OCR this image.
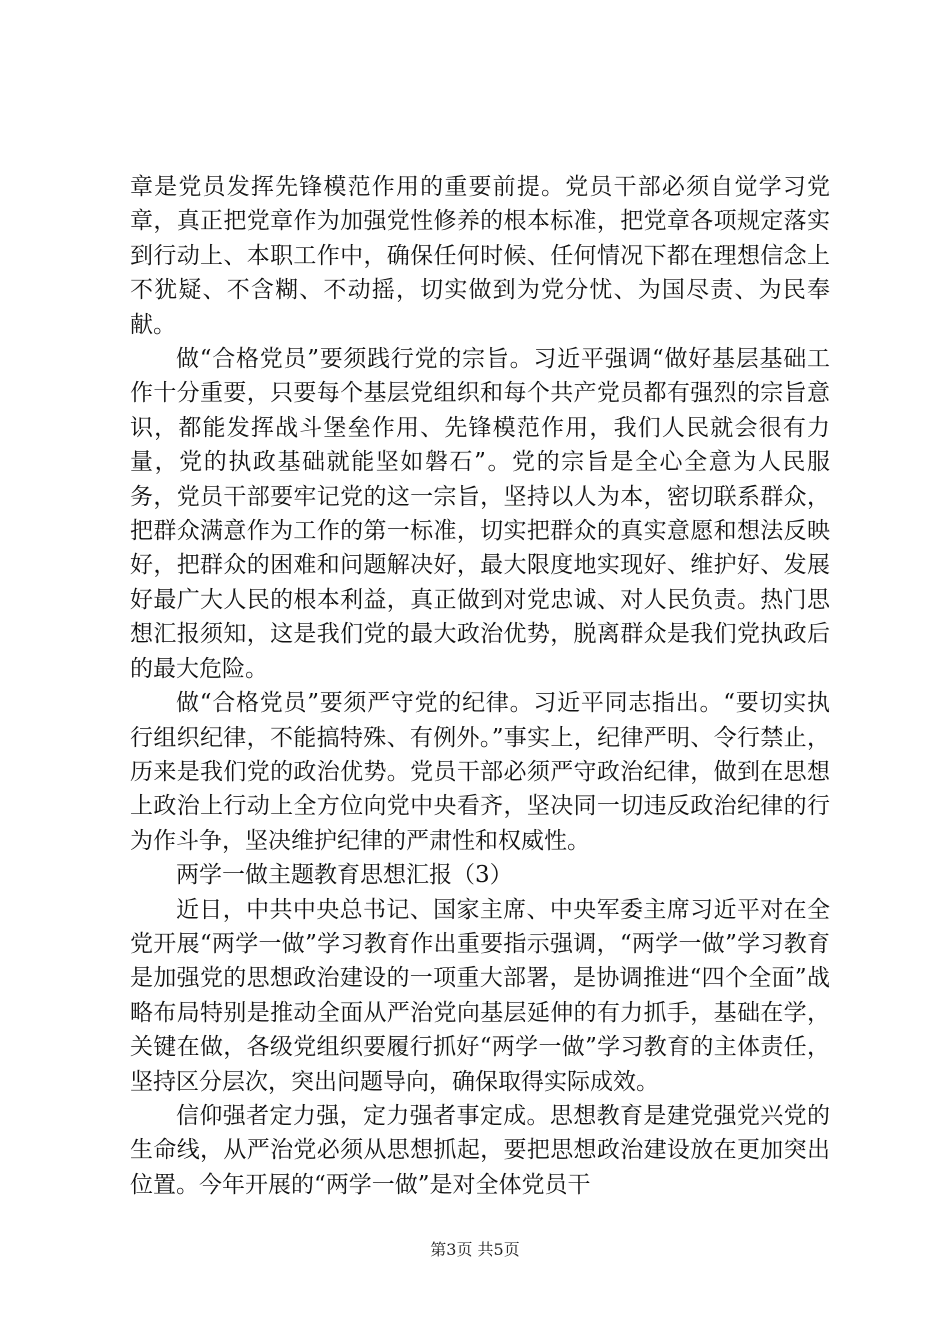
章是党员发挥先锋模范作用的重要前提。党员干部必须自觉学习党章，真正把党章作为加强党性修养的根本标准，把党章各项规定落实到行动上、本职工作中，确保任何时候、任何情况下都在理想信念上不犹疑、不含糊、不动摇，切实做到为党分忧、为国尽责、为民奉献。

做“合格党员”要须践行党的宗旨。习近平强调“做好基层基础工作十分重要，只要每个基层党组织和每个共产党员都有强烈的宗旨意识，都能发挥战斗堡垒作用、先锋模范作用，我们人民就会很有力量，党的执政基础就能坚如磐石”。党的宗旨是全心全意为人民服务，党员干部要牢记党的这一宗旨，坚持以人为本，密切联系群众，把群众满意作为工作的第一标准，切实把群众的真实意愿和想法反映好，把群众的困难和问题解决好，最大限度地实现好、维护好、发展好最广大人民的根本利益，真正做到对党忠诚、对人民负责。热门思想汇报须知，这是我们党的最大政治优势，脱离群众是我们党执政后的最大危险。

做“合格党员”要须严守党的纪律。习近平同志指出。“要切实执行组织纪律，不能搞特殊、有例外。”事实上，纪律严明、令行禁止，历来是我们党的政治优势。党员干部必须严守政治纪律，做到在思想上政治上行动上全方位向党中央看齐，坚决同一切违反政治纪律的行为作斗争，坚决维护纪律的严肃性和权威性。

两学一做主题教育思想汇报（3）

近日，中共中央总书记、国家主席、中央军委主席习近平对在全党开展“两学一做”学习教育作出重要指示强调，“两学一做”学习教育是加强党的思想政治建设的一项重大部署，是协调推进“四个全面”战略布局特别是推动全面从严治党向基层延伸的有力抓手，基础在学，关键在做，各级党组织要履行抓好“两学一做”学习教育的主体责任，坚持区分层次，突出问题导向，确保取得实际成效。

信仰强者定力强，定力强者事定成。思想教育是建党强党兴党的生命线，从严治党必须从思想抓起，要把思想政治建设放在更加突出位置。今年开展的“两学一做”是对全体党员干

第3页 共5页
